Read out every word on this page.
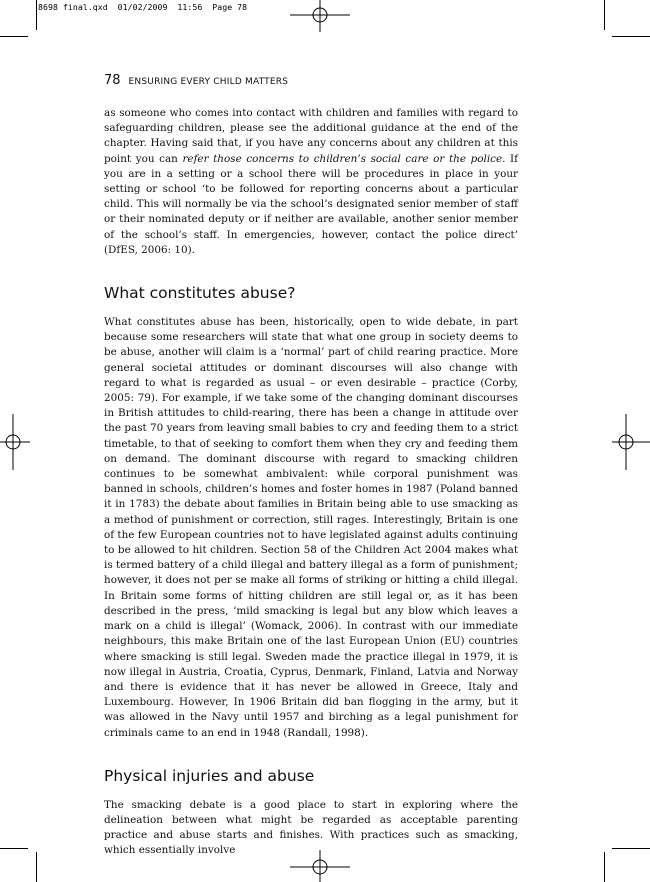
8698 final.qxd  01/02/2009  11:56  Page 78
78 ENSURING EVERY CHILD MATTERS

as someone who comes into contact with children and families with regard to safeguarding children, please see the additional guidance at the end of the chapter. Having said that, if you have any concerns about any children at this point you can refer those concerns to children’s social care or the police. If you are in a setting or a school there will be procedures in place in your setting or school ‘to be followed for reporting concerns about a particular child. This will normally be via the school’s designated senior member of staff or their nominated deputy or if neither are available, another senior member of the school’s staff. In emergencies, however, contact the police direct’ (DfES, 2006: 10).

What constitutes abuse?

What constitutes abuse has been, historically, open to wide debate, in part because some researchers will state that what one group in society deems to be abuse, another will claim is a ‘normal’ part of child rearing practice. More general societal attitudes or dominant discourses will also change with regard to what is regarded as usual – or even desirable – practice (Corby, 2005: 79). For example, if we take some of the changing dominant discourses in British attitudes to child-rearing, there has been a change in attitude over the past 70 years from leaving small babies to cry and feeding them to a strict timetable, to that of seeking to comfort them when they cry and feeding them on demand. The dominant discourse with regard to smacking children continues to be somewhat ambivalent: while corporal punishment was banned in schools, children’s homes and foster homes in 1987 (Poland banned it in 1783) the debate about families in Britain being able to use smacking as a method of punishment or correction, still rages. Interestingly, Britain is one of the few European countries not to have legislated against adults continuing to be allowed to hit children. Section 58 of the Children Act 2004 makes what is termed battery of a child illegal and battery illegal as a form of punishment; however, it does not per se make all forms of striking or hitting a child illegal. In Britain some forms of hitting children are still legal or, as it has been described in the press, ‘mild smacking is legal but any blow which leaves a mark on a child is illegal’ (Womack, 2006). In contrast with our immediate neighbours, this make Britain one of the last European Union (EU) countries where smacking is still legal. Sweden made the practice illegal in 1979, it is now illegal in Austria, Croatia, Cyprus, Denmark, Finland, Latvia and Norway and there is evidence that it has never be allowed in Greece, Italy and Luxembourg. However, In 1906 Britain did ban flogging in the army, but it was allowed in the Navy until 1957 and birching as a legal punishment for criminals came to an end in 1948 (Randall, 1998).

Physical injuries and abuse

The smacking debate is a good place to start in exploring where the delineation between what might be regarded as acceptable parenting practice and abuse starts and finishes. With practices such as smacking, which essentially involve
